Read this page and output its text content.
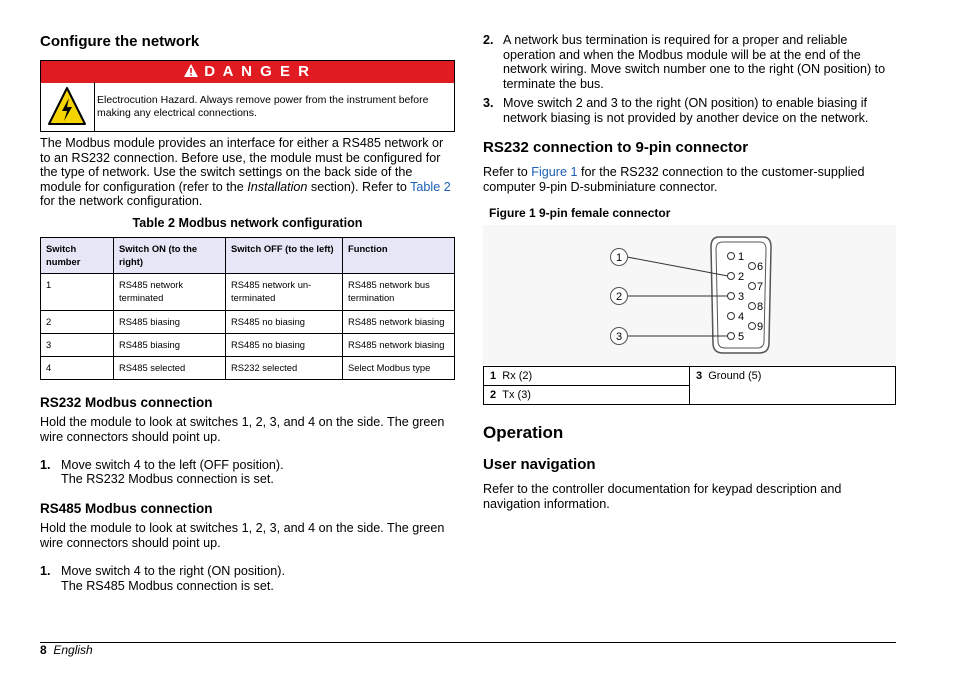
Configure the network
D A N G E R
Electrocution Hazard. Always remove power from the instrument before making any electrical connections.
The Modbus module provides an interface for either a RS485 network or to an RS232 connection. Before use, the module must be configured for the type of network. Use the switch settings on the back side of the module for configuration (refer to the Installation section). Refer to Table 2 for the network configuration.
Table 2 Modbus network configuration
Switch number	Switch ON (to the right)	Switch OFF (to the left)	Function
1	RS485 network terminated	RS485 network un-terminated	RS485 network bus termination
2	RS485 biasing	RS485 no biasing	RS485 network biasing
3	RS485 biasing	RS485 no biasing	RS485 network biasing
4	RS485 selected	RS232 selected	Select Modbus type
RS232 Modbus connection
Hold the module to look at switches 1, 2, 3, and 4 on the side. The green wire connectors should point up.
1. Move switch 4 to the left (OFF position).
The RS232 Modbus connection is set.
RS485 Modbus connection
Hold the module to look at switches 1, 2, 3, and 4 on the side. The green wire connectors should point up.
1. Move switch 4 to the right (ON position).
The RS485 Modbus connection is set.
2. A network bus termination is required for a proper and reliable operation and when the Modbus module will be at the end of the network wiring. Move switch number one to the right (ON position) to terminate the bus.
3. Move switch 2 and 3 to the right (ON position) to enable biasing if network biasing is not provided by another device on the network.
RS232 connection to 9-pin connector
Refer to Figure 1 for the RS232 connection to the customer-supplied computer 9-pin D-subminiature connector.
Figure 1 9-pin female connector
1
2
3
1
2
3
4
5
6
7
8
9
1 Rx (2)	3 Ground (5)
2 Tx (3)
Operation
User navigation
Refer to the controller documentation for keypad description and navigation information.
8 English
